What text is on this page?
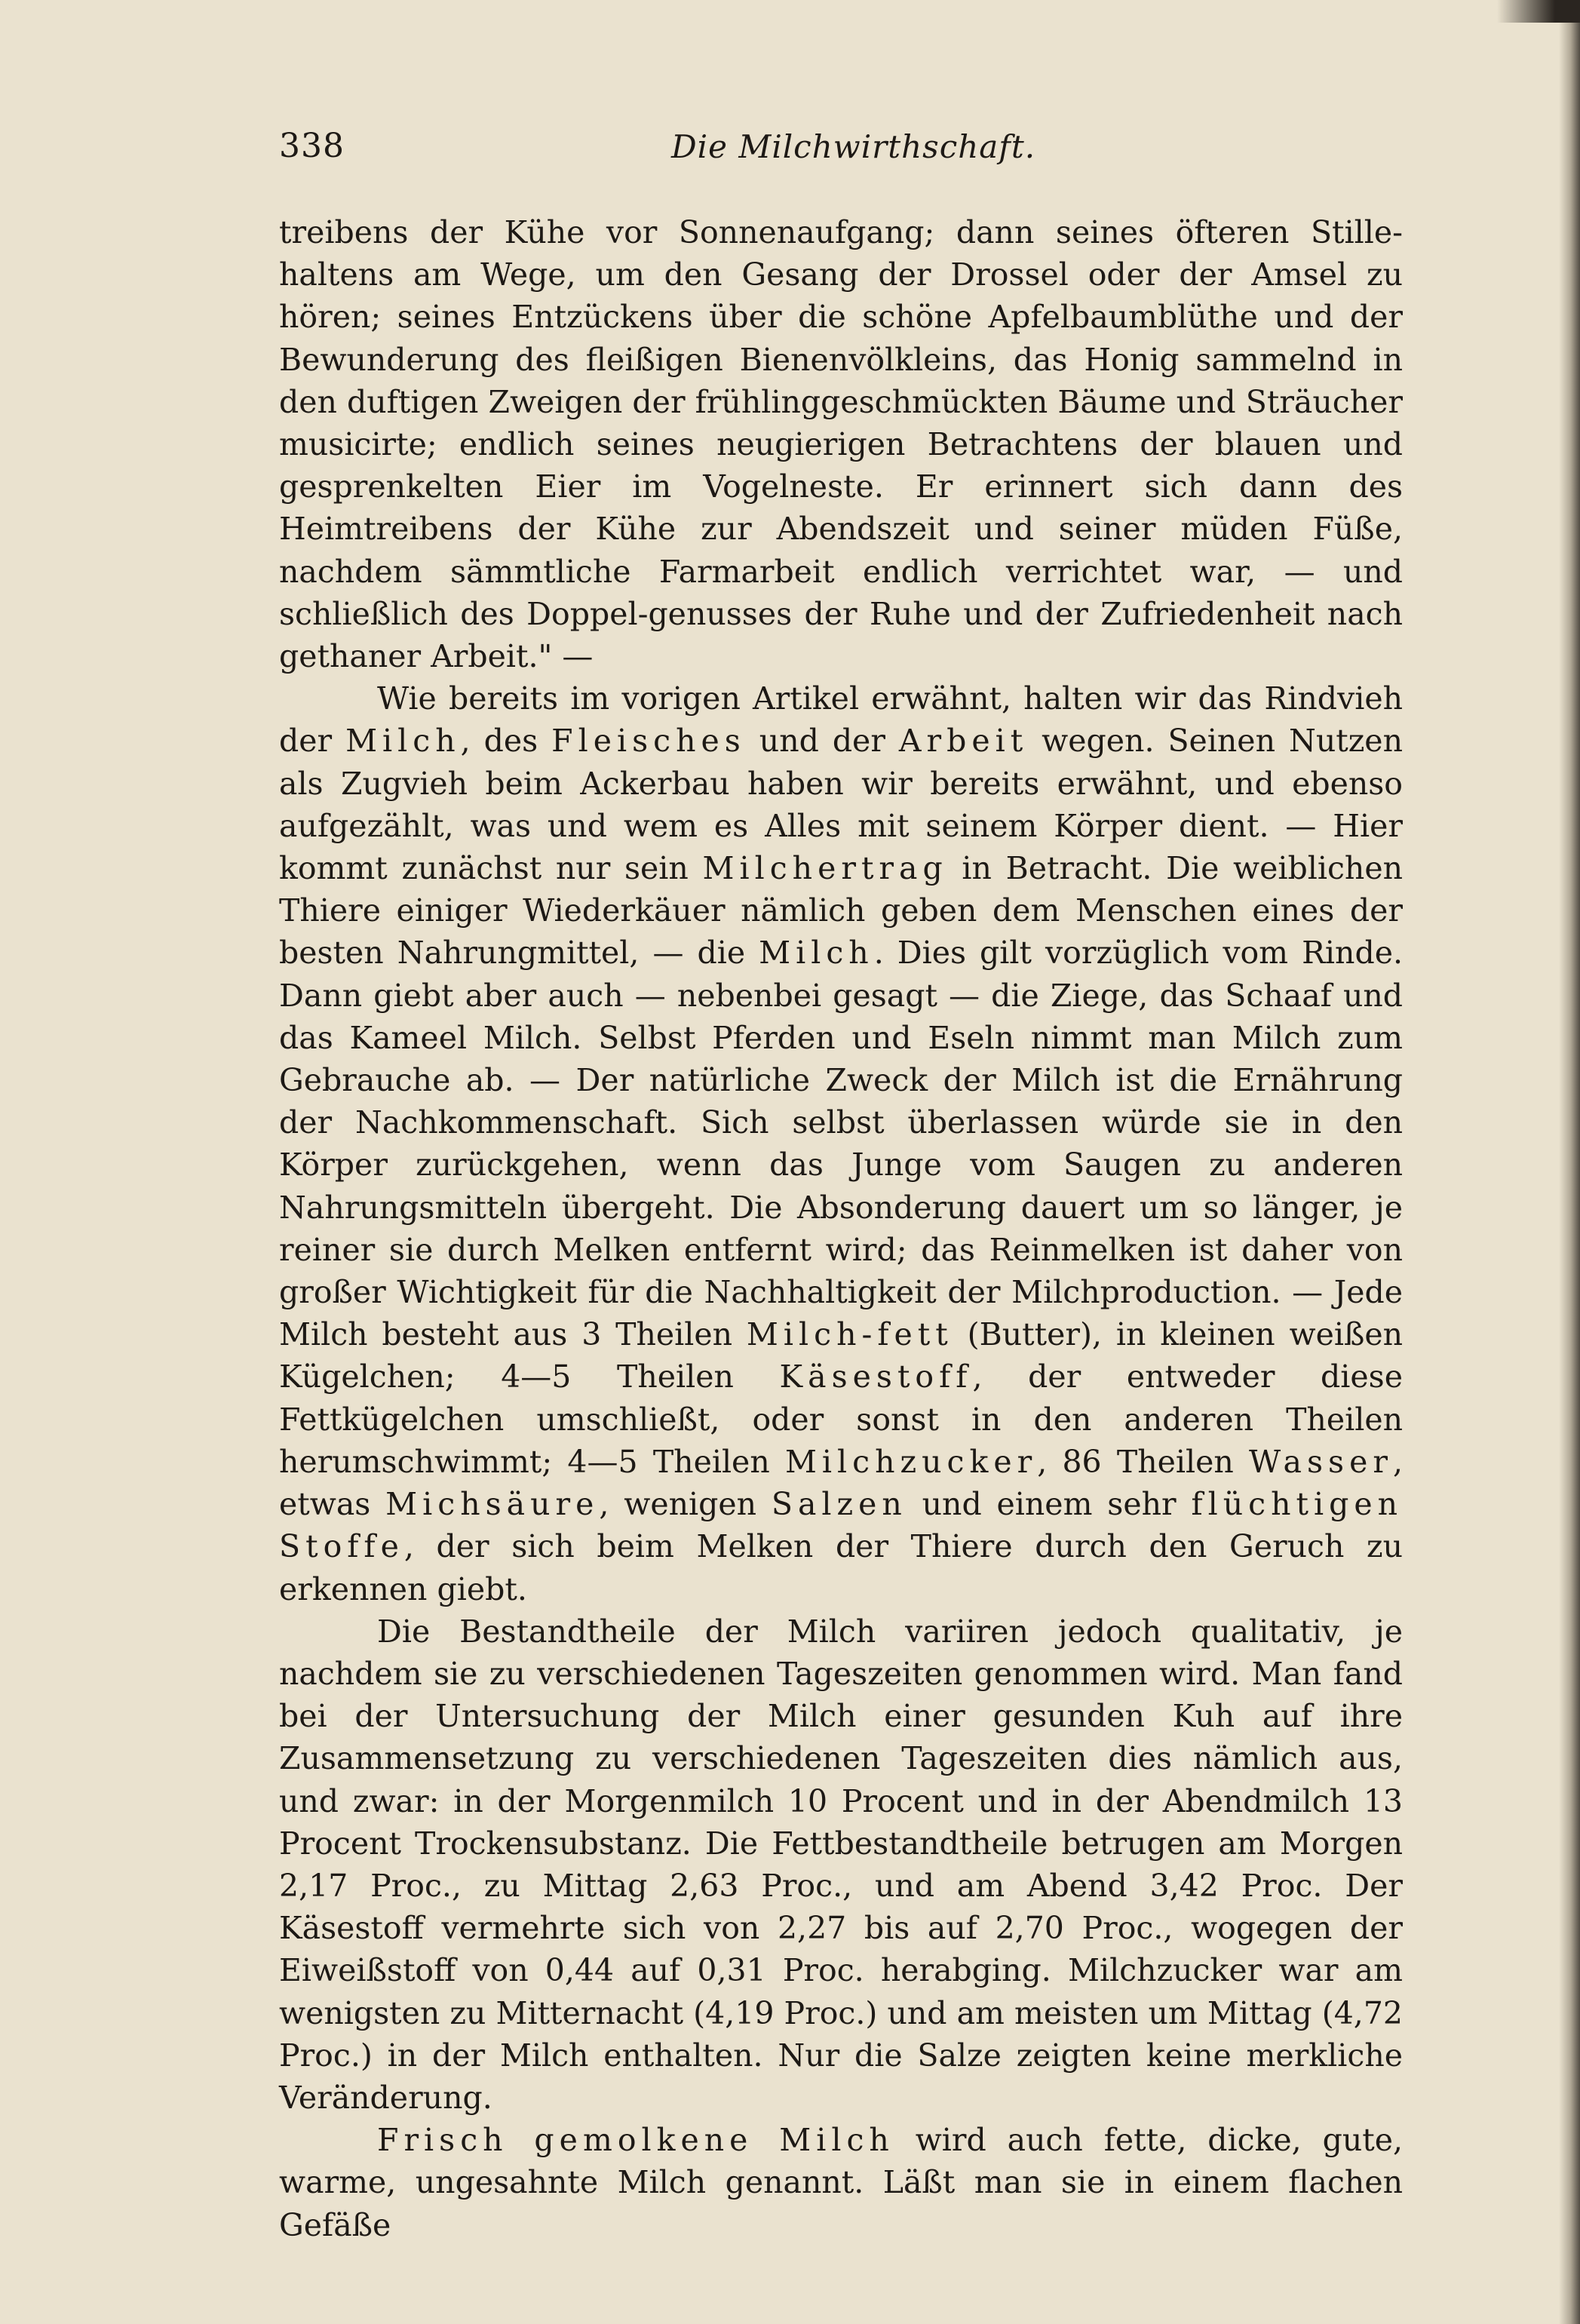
338	Die Milchwirthschaft.

treibens der Kühe vor Sonnenaufgang; dann seines öfteren Stille-haltens am Wege, um den Gesang der Drossel oder der Amsel zu hören; seines Entzückens über die schöne Apfelbaumblüthe und der Bewunderung des fleißigen Bienenvölkleins, das Honig sammelnd in den duftigen Zweigen der frühlinggeschmückten Bäume und Sträucher musicirte; endlich seines neugierigen Betrachtens der blauen und gesprenkelten Eier im Vogelneste. Er erinnert sich dann des Heimtreibens der Kühe zur Abendszeit und seiner müden Füße, nachdem sämmtliche Farmarbeit endlich verrichtet war, — und schließlich des Doppel-genusses der Ruhe und der Zufriedenheit nach gethaner Arbeit." —

Wie bereits im vorigen Artikel erwähnt, halten wir das Rindvieh der Milch, des Fleisches und der Arbeit wegen. Seinen Nutzen als Zugvieh beim Ackerbau haben wir bereits erwähnt, und ebenso aufgezählt, was und wem es Alles mit seinem Körper dient. — Hier kommt zunächst nur sein Milchertrag in Betracht. Die weiblichen Thiere einiger Wiederkäuer nämlich geben dem Menschen eines der besten Nahrungmittel, — die Milch. Dies gilt vorzüglich vom Rinde. Dann giebt aber auch — nebenbei gesagt — die Ziege, das Schaaf und das Kameel Milch. Selbst Pferden und Eseln nimmt man Milch zum Gebrauche ab. — Der natürliche Zweck der Milch ist die Ernährung der Nachkommenschaft. Sich selbst überlassen würde sie in den Körper zurückgehen, wenn das Junge vom Saugen zu anderen Nahrungsmitteln übergeht. Die Absonderung dauert um so länger, je reiner sie durch Melken entfernt wird; das Reinmelken ist daher von großer Wichtigkeit für die Nachhaltigkeit der Milchproduction. — Jede Milch besteht aus 3 Theilen Milch-fett (Butter), in kleinen weißen Kügelchen; 4—5 Theilen Käsestoff, der entweder diese Fettkügelchen umschließt, oder sonst in den anderen Theilen herumschwimmt; 4—5 Theilen Milchzucker, 86 Theilen Wasser, etwas Michsäure, wenigen Salzen und einem sehr flüchtigen Stoffe, der sich beim Melken der Thiere durch den Geruch zu erkennen giebt.

Die Bestandtheile der Milch variiren jedoch qualitativ, je nachdem sie zu verschiedenen Tageszeiten genommen wird. Man fand bei der Untersuchung der Milch einer gesunden Kuh auf ihre Zusammensetzung zu verschiedenen Tageszeiten dies nämlich aus, und zwar: in der Morgenmilch 10 Procent und in der Abendmilch 13 Procent Trockensubstanz. Die Fettbestandtheile betrugen am Morgen 2,17 Proc., zu Mittag 2,63 Proc., und am Abend 3,42 Proc. Der Käsestoff vermehrte sich von 2,27 bis auf 2,70 Proc., wogegen der Eiweißstoff von 0,44 auf 0,31 Proc. herabging. Milchzucker war am wenigsten zu Mitternacht (4,19 Proc.) und am meisten um Mittag (4,72 Proc.) in der Milch enthalten. Nur die Salze zeigten keine merkliche Veränderung.

Frisch gemolkene Milch wird auch fette, dicke, gute, warme, ungesahnte Milch genannt. Läßt man sie in einem flachen Gefäße
